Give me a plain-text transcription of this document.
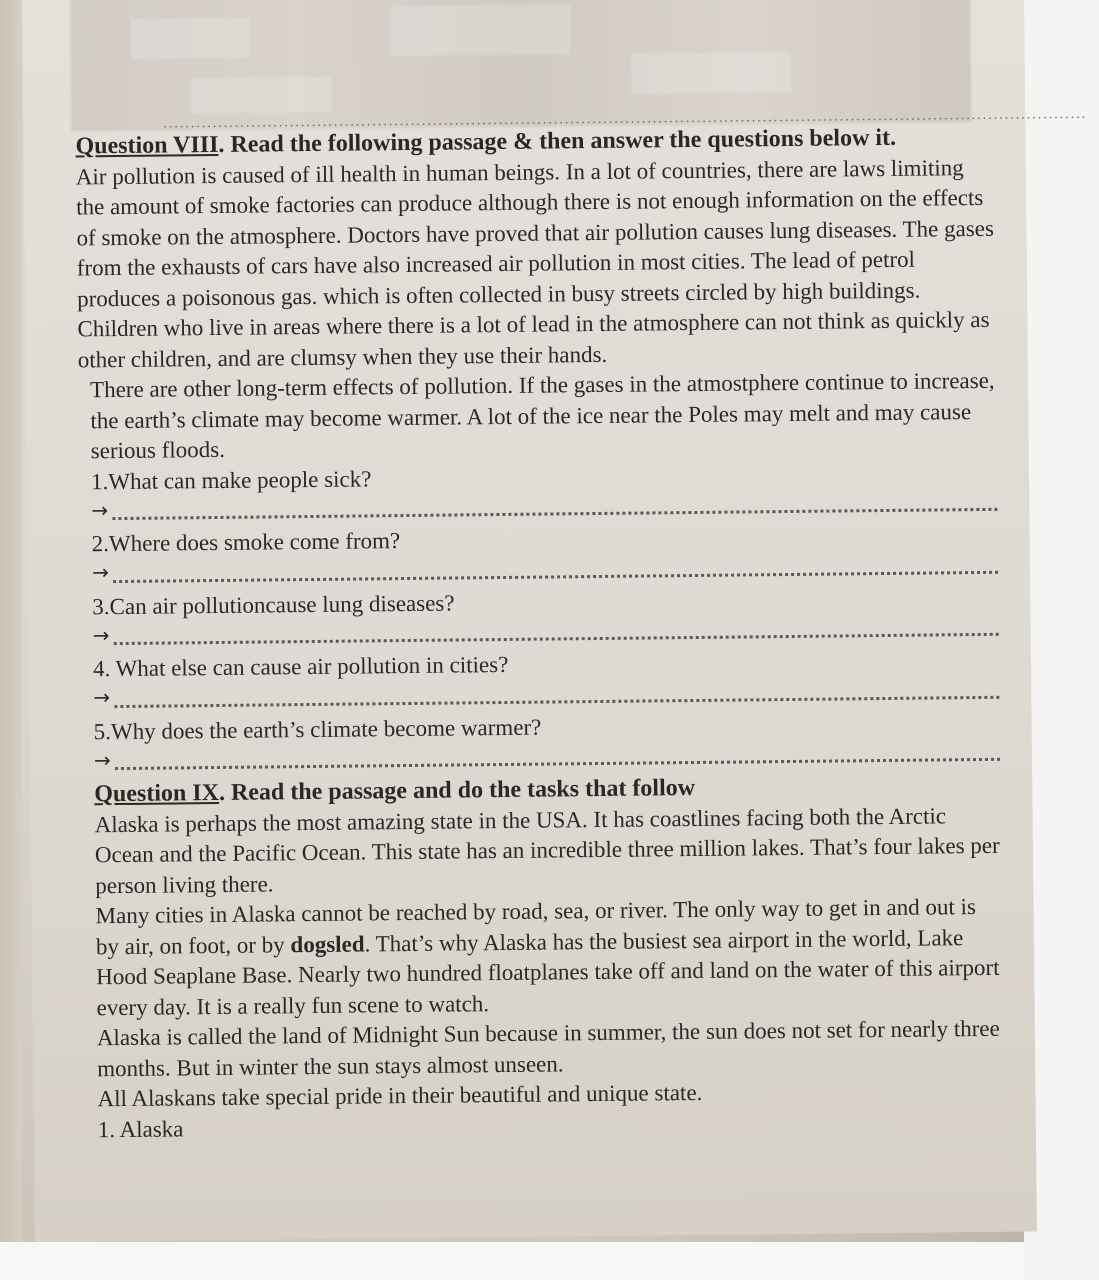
........................................................................................................................................................................

Question VIII. Read the following passage & then answer the questions below it.

Air pollution is caused of ill health in human beings. In a lot of countries, there are laws limiting the amount of smoke factories can produce although there is not enough information on the effects of smoke on the atmosphere. Doctors have proved that air pollution causes lung diseases. The gases from the exhausts of cars have also increased air pollution in most cities. The lead of petrol produces a poisonous gas. which is often collected in busy streets circled by high buildings. Children who live in areas where there is a lot of lead in the atmosphere can not think as quickly as other children, and are clumsy when they use their hands.

There are other long-term effects of pollution. If the gases in the atmostphere continue to increase, the earth’s climate may become warmer. A lot of the ice near the Poles may melt and may cause serious floods.

1.What can make people sick?

→

2.Where does smoke come from?

→

3.Can air pollutioncause lung diseases?

→

4. What else can cause air pollution in cities?

→

5.Why does the earth’s climate become warmer?

→

Question IX. Read the passage and do the tasks that follow

Alaska is perhaps the most amazing state in the USA. It has coastlines facing both the Arctic Ocean and the Pacific Ocean. This state has an incredible three million lakes. That’s four lakes per person living there.

Many cities in Alaska cannot be reached by road, sea, or river. The only way to get in and out is by air, on foot, or by dogsled. That’s why Alaska has the busiest sea airport in the world, Lake Hood Seaplane Base. Nearly two hundred floatplanes take off and land on the water of this airport every day. It is a really fun scene to watch.

Alaska is called the land of Midnight Sun because in summer, the sun does not set for nearly three months. But in winter the sun stays almost unseen.

All Alaskans take special pride in their beautiful and unique state.

1. Alaska
